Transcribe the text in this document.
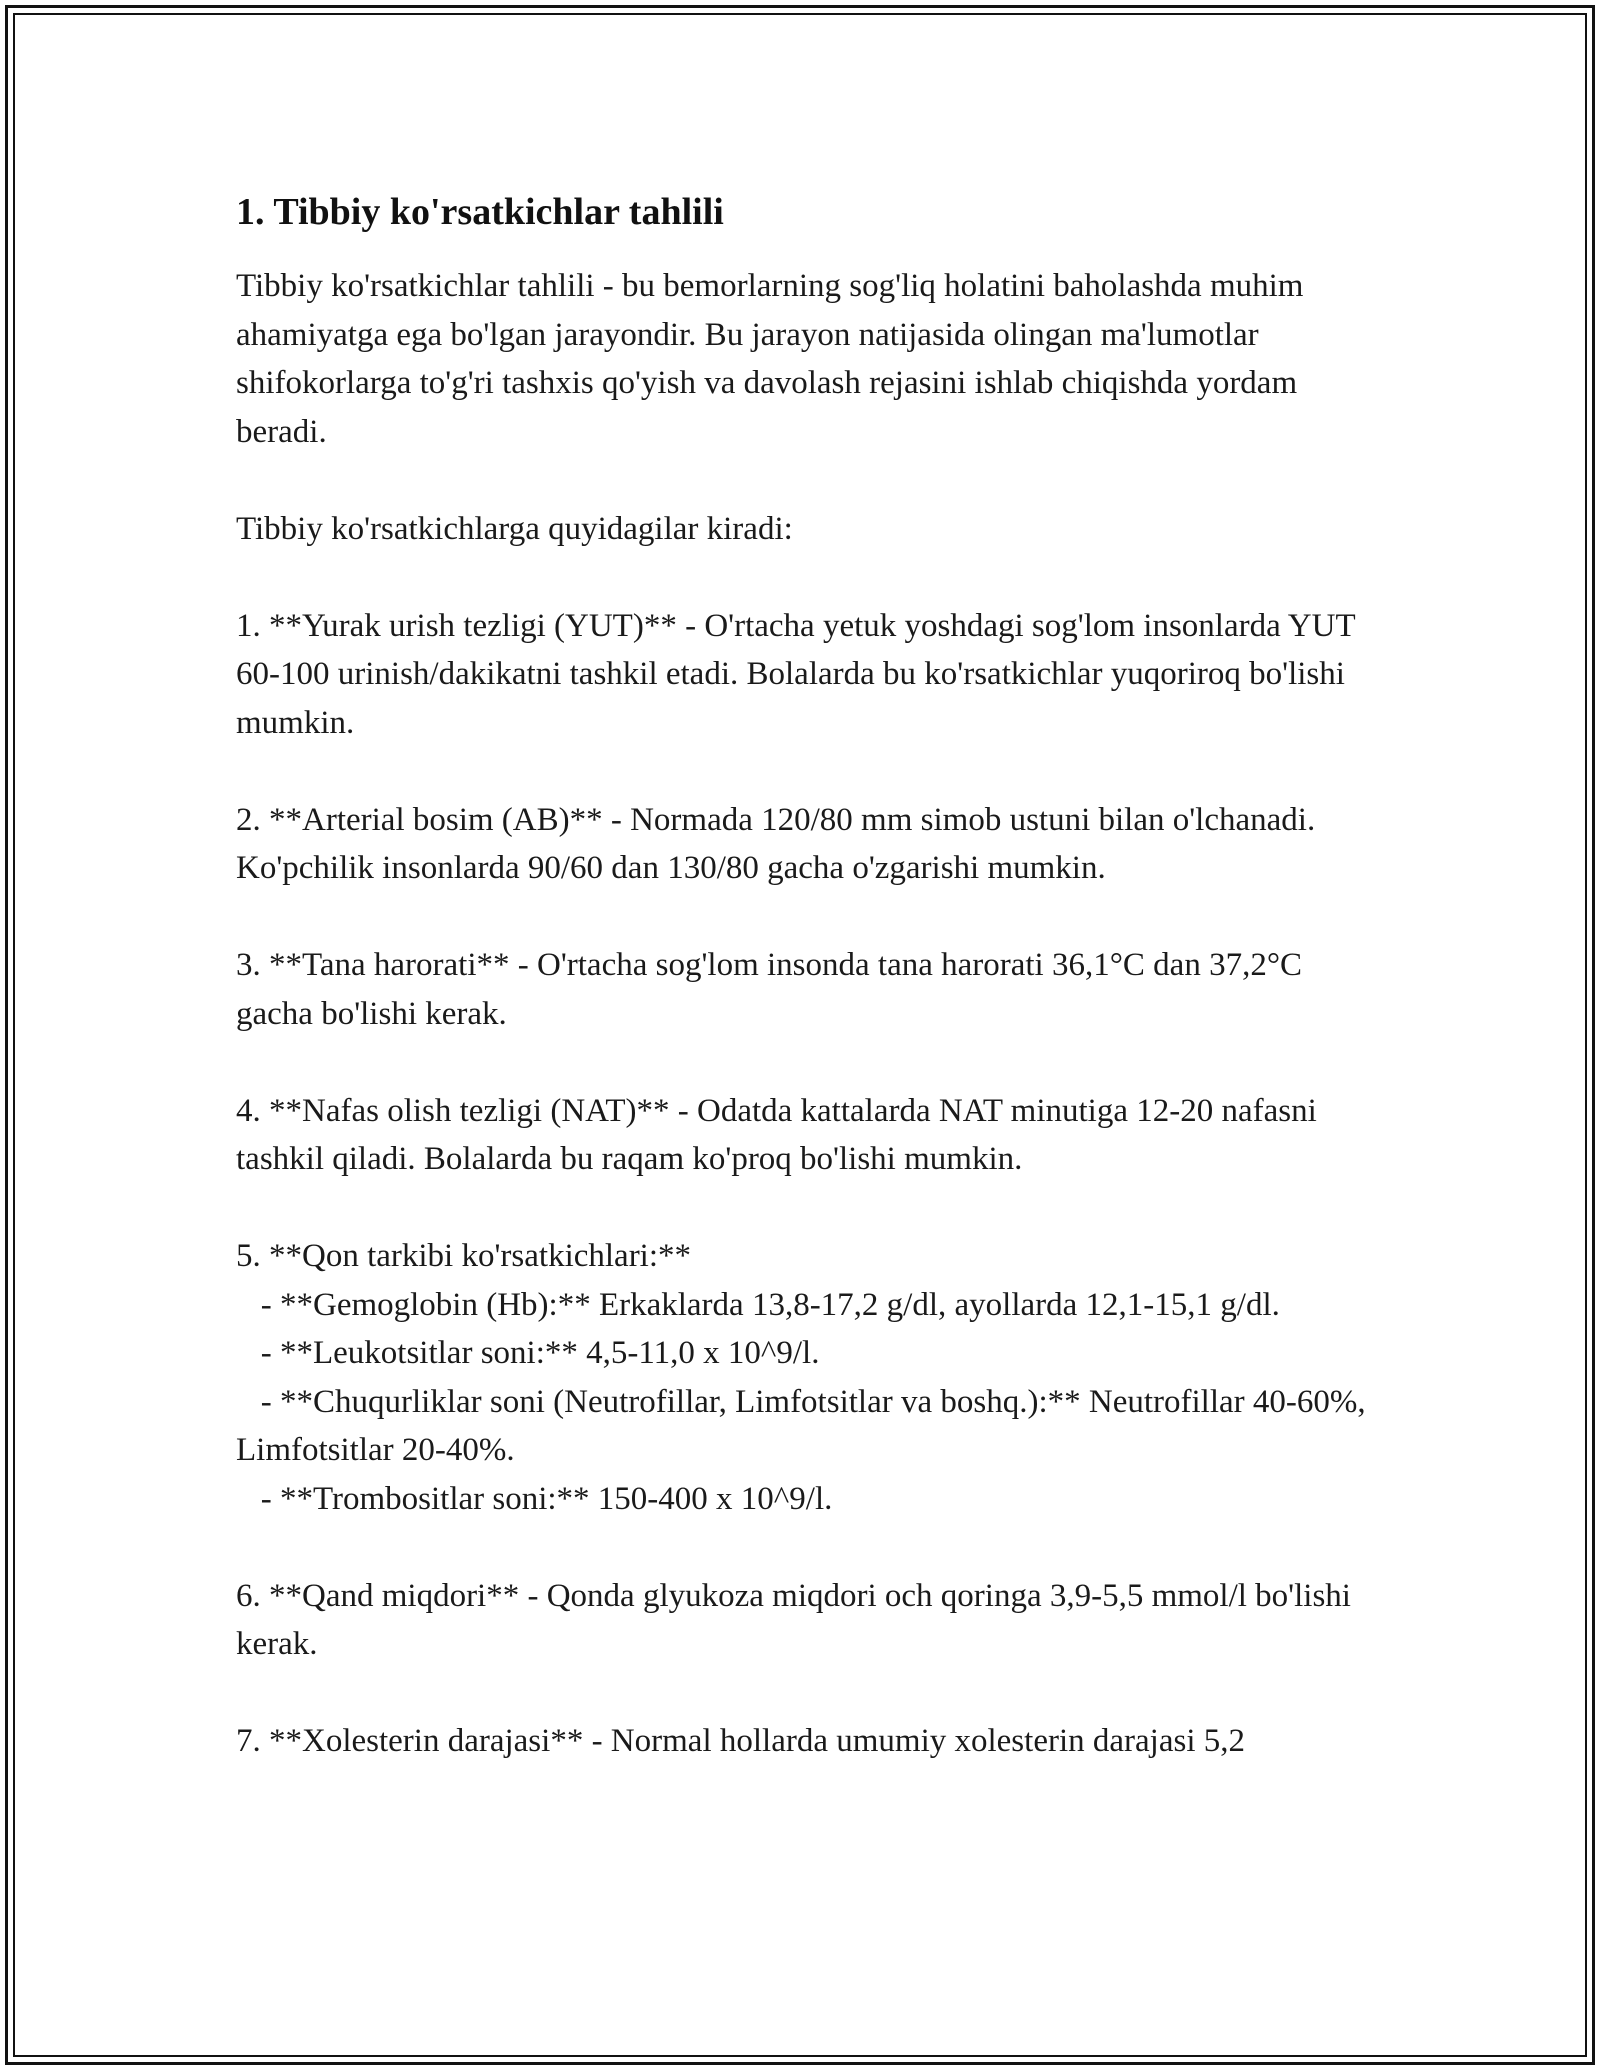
1. Tibbiy ko'rsatkichlar tahlili

Tibbiy ko'rsatkichlar tahlili - bu bemorlarning sog'liq holatini baholashda muhim ahamiyatga ega bo'lgan jarayondir. Bu jarayon natijasida olingan ma'lumotlar shifokorlarga to'g'ri tashxis qo'yish va davolash rejasini ishlab chiqishda yordam beradi.

Tibbiy ko'rsatkichlarga quyidagilar kiradi:

1. **Yurak urish tezligi (YUT)** - O'rtacha yetuk yoshdagi sog'lom insonlarda YUT 60-100 urinish/dakikatni tashkil etadi. Bolalarda bu ko'rsatkichlar yuqoriroq bo'lishi mumkin.

2. **Arterial bosim (AB)** - Normada 120/80 mm simob ustuni bilan o'lchanadi. Ko'pchilik insonlarda 90/60 dan 130/80 gacha o'zgarishi mumkin.

3. **Tana harorati** - O'rtacha sog'lom insonda tana harorati 36,1°C dan 37,2°C gacha bo'lishi kerak.

4. **Nafas olish tezligi (NAT)** - Odatda kattalarda NAT minutiga 12-20 nafasni tashkil qiladi. Bolalarda bu raqam ko'proq bo'lishi mumkin.

5. **Qon tarkibi ko'rsatkichlari:**

- **Gemoglobin (Hb):** Erkaklarda 13,8-17,2 g/dl, ayollarda 12,1-15,1 g/dl.
- **Leukotsitlar soni:** 4,5-11,0 x 10^9/l.
- **Chuqurliklar soni (Neutrofillar, Limfotsitlar va boshq.):** Neutrofillar 40-60%, Limfotsitlar 20-40%.
- **Trombositlar soni:** 150-400 x 10^9/l.

6. **Qand miqdori** - Qonda glyukoza miqdori och qoringa 3,9-5,5 mmol/l bo'lishi kerak.

7. **Xolesterin darajasi** - Normal hollarda umumiy xolesterin darajasi 5,2
